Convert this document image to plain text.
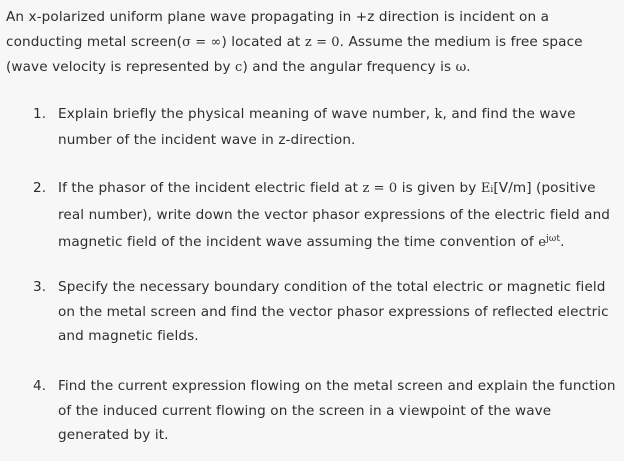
An x-polarized uniform plane wave propagating in +z direction is incident on a

conducting metal screen(σ = ∞) located at z = 0. Assume the medium is free space

(wave velocity is represented by c) and the angular frequency is ω.

1. Explain briefly the physical meaning of wave number, k, and find the wave
number of the incident wave in z-direction.
2. If the phasor of the incident electric field at z = 0 is given by Ei[V/m] (positive
real number), write down the vector phasor expressions of the electric field and
magnetic field of the incident wave assuming the time convention of $e^{j\omega t}$.
3. Specify the necessary boundary condition of the total electric or magnetic field
on the metal screen and find the vector phasor expressions of reflected electric
and magnetic fields.
4. Find the current expression flowing on the metal screen and explain the function
of the induced current flowing on the screen in a viewpoint of the wave
generated by it.
